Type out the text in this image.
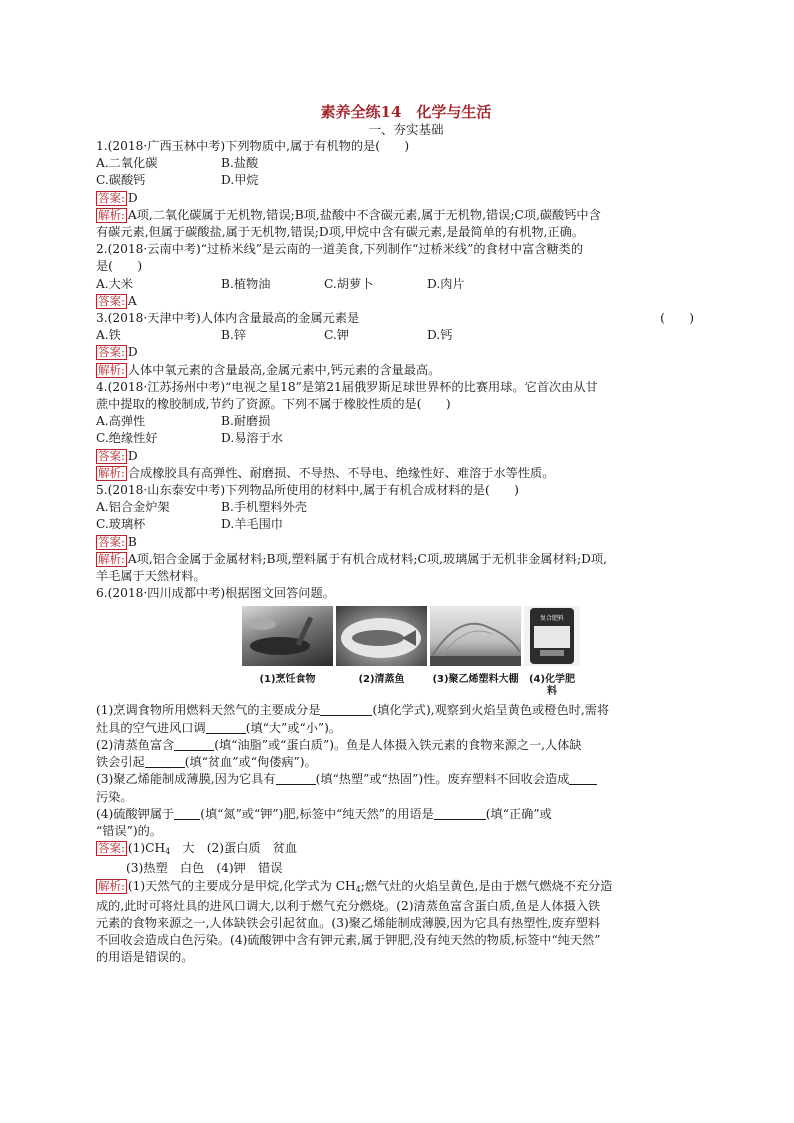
素养全练14　化学与生活
一、夯实基础
1.(2018·广西玉林中考)下列物质中,属于有机物的是(　　)
A.二氧化碳	B.盐酸
C.碳酸钙	D.甲烷
答案: D
解析: A项,二氧化碳属于无机物,错误;B项,盐酸中不含碳元素,属于无机物,错误;C项,碳酸钙中含
有碳元素,但属于碳酸盐,属于无机物,错误;D项,甲烷中含有碳元素,是最简单的有机物,正确。
2.(2018·云南中考)“过桥米线”是云南的一道美食,下列制作“过桥米线”的食材中富含糖类的
是(　　)
A.大米	B.植物油	C.胡萝卜	D.肉片
答案: A
3.(2018·天津中考)人体内含量最高的金属元素是	(　　)
A.铁	B.锌	C.钾	D.钙
答案: D
解析: 人体中氧元素的含量最高,金属元素中,钙元素的含量最高。
4.(2018·江苏扬州中考)“电视之星18”是第21届俄罗斯足球世界杯的比赛用球。它首次由从甘
蔗中提取的橡胶制成,节约了资源。下列不属于橡胶性质的是(　　)
A.高弹性	B.耐磨损
C.绝缘性好	D.易溶于水
答案: D
解析: 合成橡胶具有高弹性、耐磨损、不导热、不导电、绝缘性好、难溶于水等性质。
5.(2018·山东泰安中考)下列物品所使用的材料中,属于有机合成材料的是(　　)
A.铝合金炉架	B.手机塑料外壳
C.玻璃杯	D.羊毛围巾
答案: B
解析: A项,铝合金属于金属材料;B项,塑料属于有机合成材料;C项,玻璃属于无机非金属材料;D项,
羊毛属于天然材料。
6.(2018·四川成都中考)根据图文回答问题。
(1)烹饪食物	(2)清蒸鱼	(3)聚乙烯塑料大棚
复合肥料
(4)化学肥料
(1)烹调食物所用燃料天然气的主要成分是	(填化学式),观察到火焰呈黄色或橙色时,需将
灶具的空气进风口调	(填“大”或“小”)。
(2)清蒸鱼富含	(填“油脂”或“蛋白质”)。鱼是人体摄入铁元素的食物来源之一,人体缺
铁会引起	(填“贫血”或“佝偻病”)。
(3)聚乙烯能制成薄膜,因为它具有	(填“热塑”或“热固”)性。废弃塑料不回收会造成
污染。
(4)硫酸钾属于 (填“氮”或“钾”)肥,标签中“纯天然”的用语是	(填“正确”或
“错误”)的。
答案: $(1)CH_4$　大　(2)蛋白质　贫血
(3)热塑　白色　(4)钾　错误
解析: (1)天然气的主要成分是甲烷,化学式为 $CH_4$;燃气灶的火焰呈黄色,是由于燃气燃烧不充分造
成的,此时可将灶具的进风口调大,以利于燃气充分燃烧。(2)清蒸鱼富含蛋白质,鱼是人体摄入铁
元素的食物来源之一,人体缺铁会引起贫血。(3)聚乙烯能制成薄膜,因为它具有热塑性,废弃塑料
不回收会造成白色污染。(4)硫酸钾中含有钾元素,属于钾肥,没有纯天然的物质,标签中“纯天然”
的用语是错误的。
